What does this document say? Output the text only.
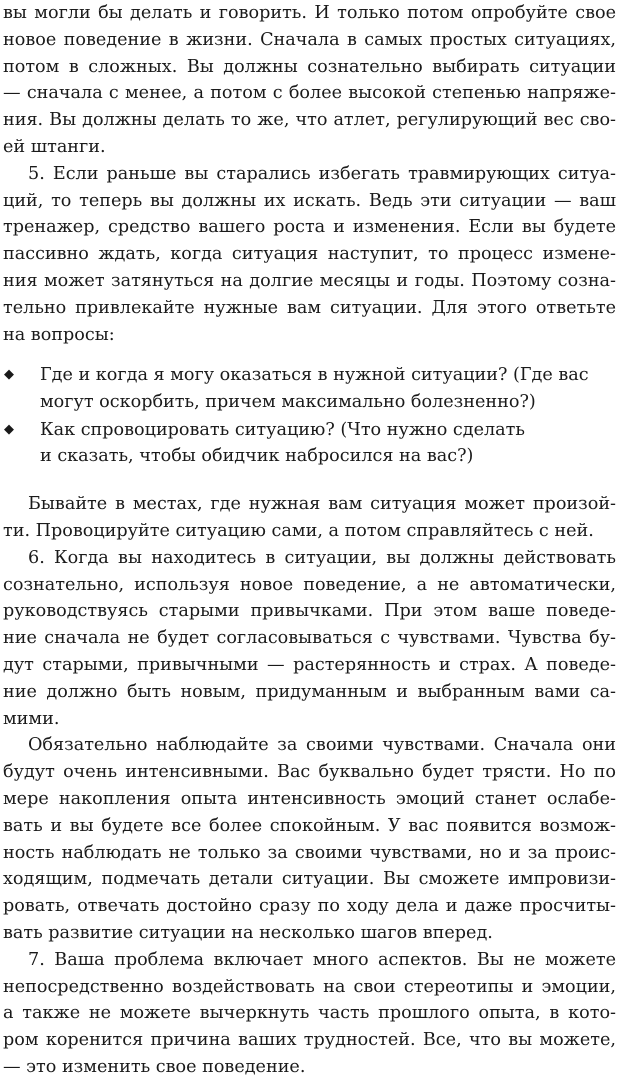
вы могли бы делать и говорить. И только потом опробуйте свое
новое поведение в жизни. Сначала в самых простых ситуациях,
потом в сложных. Вы должны сознательно выбирать ситуации
— сначала с менее, а потом с более высокой степенью напряже-
ния. Вы должны делать то же, что атлет, регулирующий вес сво-
ей штанги.

5. Если раньше вы старались избегать травмирующих ситуа-
ций, то теперь вы должны их искать. Ведь эти ситуации — ваш
тренажер, средство вашего роста и изменения. Если вы будете
пассивно ждать, когда ситуация наступит, то процесс измене-
ния может затянуться на долгие месяцы и годы. Поэтому созна-
тельно привлекайте нужные вам ситуации. Для этого ответьте
на вопросы:

◆ Где и когда я могу оказаться в нужной ситуации? (Где вас
могут оскорбить, причем максимально болезненно?)
◆ Как спровоцировать ситуацию? (Что нужно сделать
и сказать, чтобы обидчик набросился на вас?)

Бывайте в местах, где нужная вам ситуация может произой-
ти. Провоцируйте ситуацию сами, а потом справляйтесь с ней.

6. Когда вы находитесь в ситуации, вы должны действовать
сознательно, используя новое поведение, а не автоматически,
руководствуясь старыми привычками. При этом ваше поведе-
ние сначала не будет согласовываться с чувствами. Чувства бу-
дут старыми, привычными — растерянность и страх. А поведе-
ние должно быть новым, придуманным и выбранным вами са-
мими.

Обязательно наблюдайте за своими чувствами. Сначала они
будут очень интенсивными. Вас буквально будет трясти. Но по
мере накопления опыта интенсивность эмоций станет ослабе-
вать и вы будете все более спокойным. У вас появится возмож-
ность наблюдать не только за своими чувствами, но и за проис-
ходящим, подмечать детали ситуации. Вы сможете импровизи-
ровать, отвечать достойно сразу по ходу дела и даже просчиты-
вать развитие ситуации на несколько шагов вперед.

7. Ваша проблема включает много аспектов. Вы не можете
непосредственно воздействовать на свои стереотипы и эмоции,
а также не можете вычеркнуть часть прошлого опыта, в кото-
ром коренится причина ваших трудностей. Все, что вы можете,
— это изменить свое поведение.
